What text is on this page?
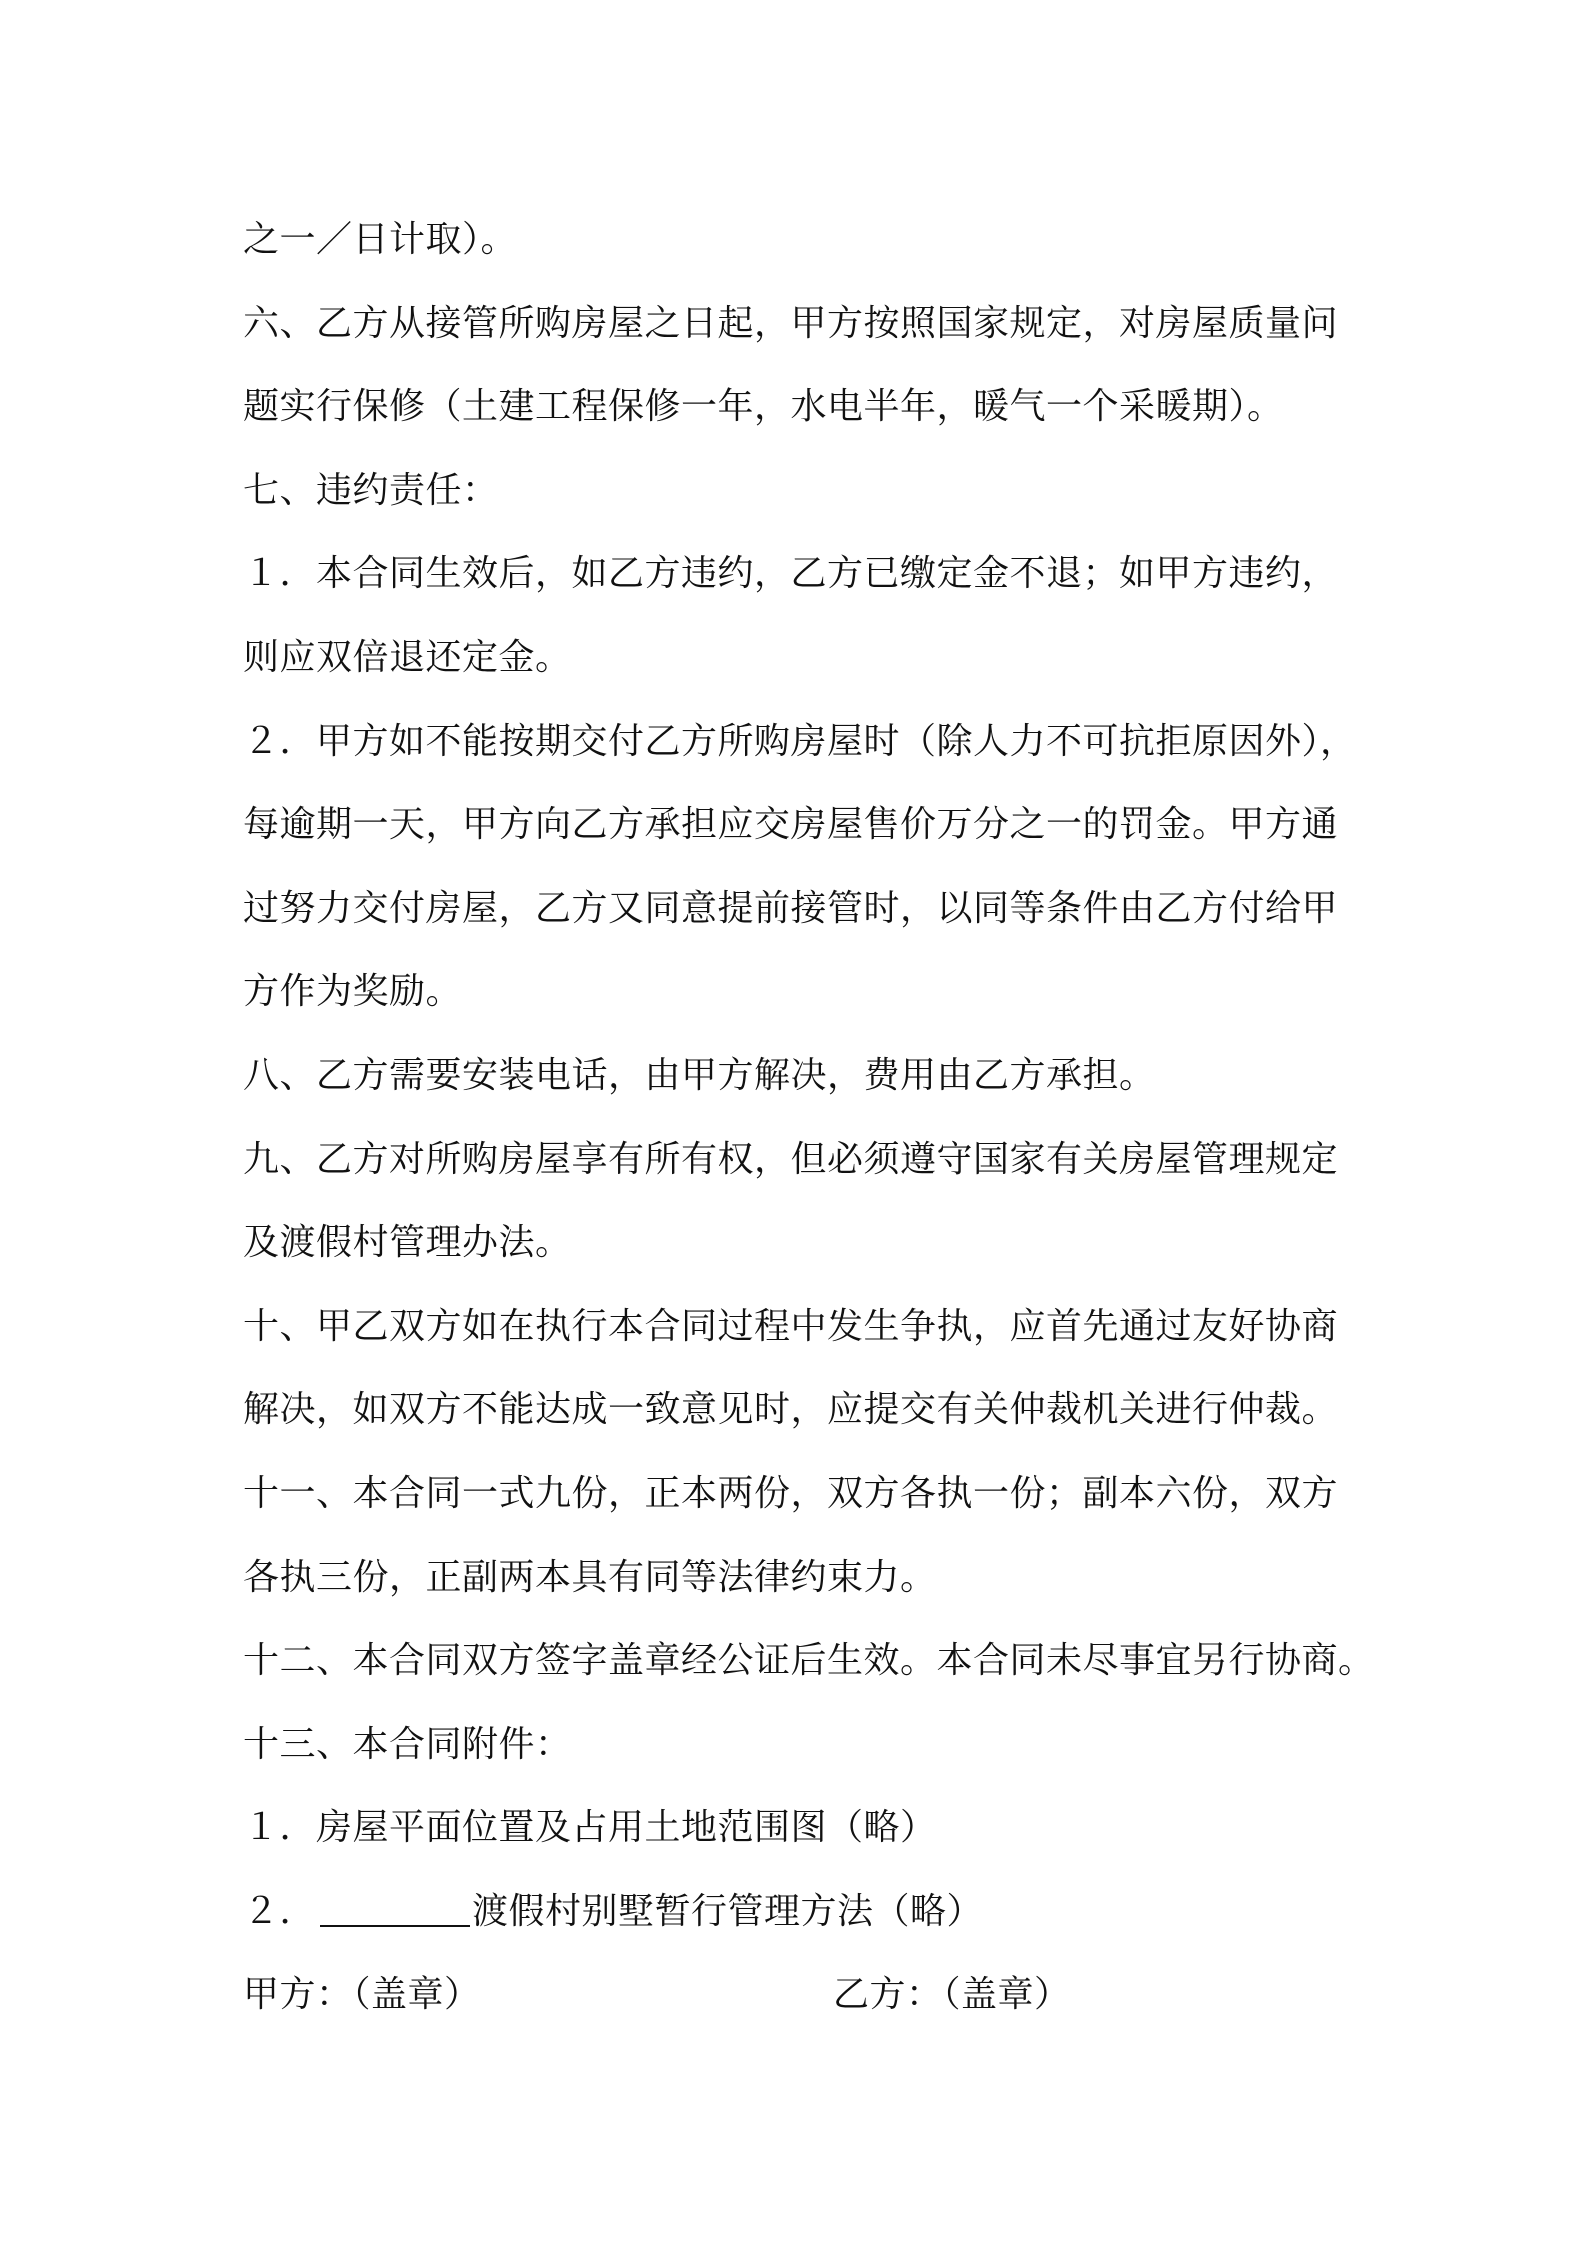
之一／日计取）。
六、乙方从接管所购房屋之日起，甲方按照国家规定，对房屋质量问
题实行保修（土建工程保修一年，水电半年，暖气一个采暖期）。
七、违约责任：
１．本合同生效后，如乙方违约，乙方已缴定金不退；如甲方违约，
则应双倍退还定金。
２．甲方如不能按期交付乙方所购房屋时（除人力不可抗拒原因外），
每逾期一天，甲方向乙方承担应交房屋售价万分之一的罚金。甲方通
过努力交付房屋，乙方又同意提前接管时，以同等条件由乙方付给甲
方作为奖励。
八、乙方需要安装电话，由甲方解决，费用由乙方承担。
九、乙方对所购房屋享有所有权，但必须遵守国家有关房屋管理规定
及渡假村管理办法。
十、甲乙双方如在执行本合同过程中发生争执，应首先通过友好协商
解决，如双方不能达成一致意见时，应提交有关仲裁机关进行仲裁。
十一、本合同一式九份，正本两份，双方各执一份；副本六份，双方
各执三份，正副两本具有同等法律约束力。
十二、本合同双方签字盖章经公证后生效。本合同未尽事宜另行协商。
十三、本合同附件：
１．房屋平面位置及占用土地范围图（略）
２．	渡假村别墅暂行管理方法（略）
甲方：（盖章）	乙方：（盖章）
